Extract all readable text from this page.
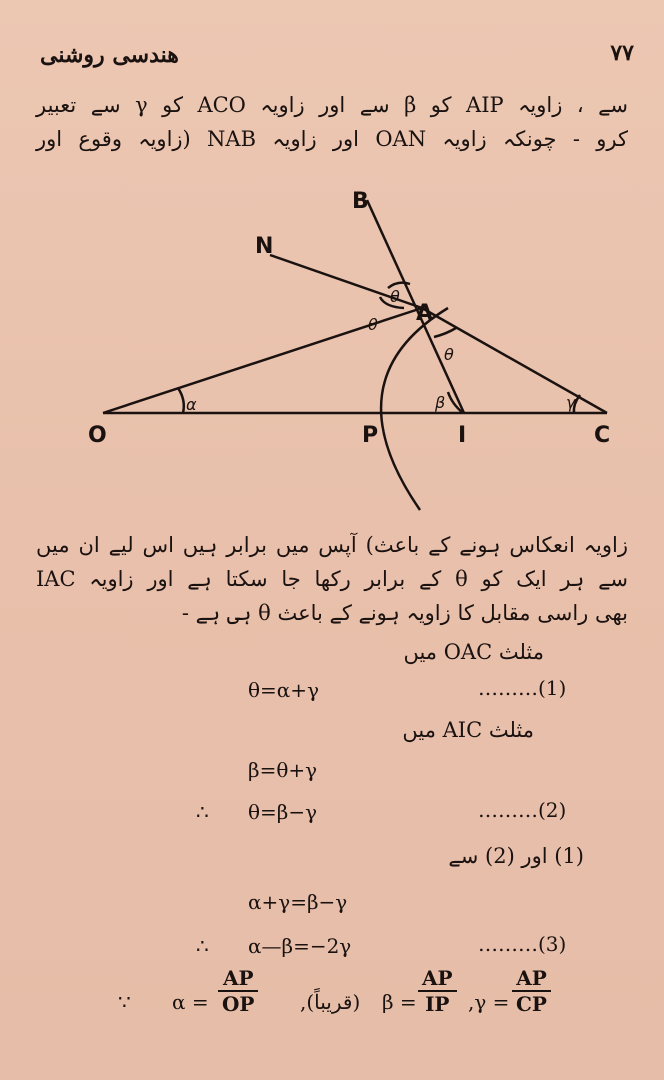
هندسی روشنی	۷۷
سے ، زاویہ AIP کو β سے اور زاویہ ACO کو γ سے تعبیر
کرو - چونکہ زاویہ OAN اور زاویہ NAB (زاویہ وقوع اور
B
N
A
O	P	I	C
θ
θ
θ
α	β	γ
زاویہ انعکاس ہونے کے باعث) آپس میں برابر ہیں اس لیے ان میں
سے ہر ایک کو θ کے برابر رکھا جا سکتا ہے اور زاویہ IAC
بھی راسی مقابل کا زاویہ ہونے کے باعث θ ہی ہے -
مثلث OAC میں
θ=α+γ	………(1)
مثلث AIC میں
β=θ+γ
∴ θ=β−γ	………(2)
(1) اور (2) سے
α+γ=β−γ
∴ α—β=−2γ	………(3)
∵ $\alpha = \frac{AP}{OP}$ (قریباً), $\beta = \frac{AP}{IP} ,\gamma = \frac{AP}{CP}$
